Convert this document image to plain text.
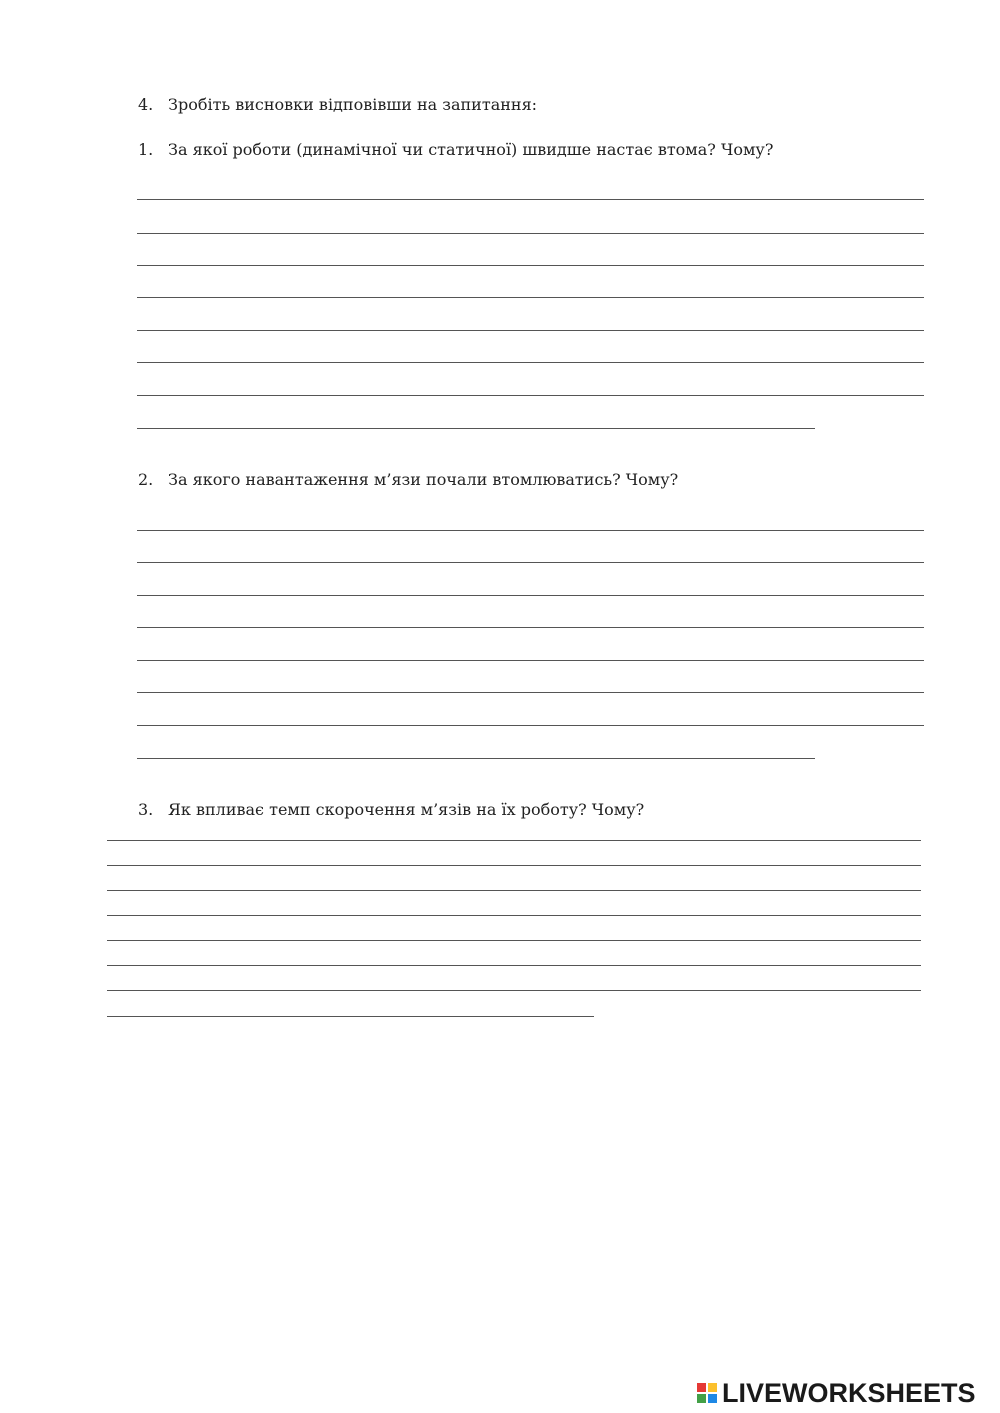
4. Зробіть висновки відповівши на запитання:
1. За якої роботи (динамічної чи статичної) швидше настає втома? Чому?
2. За якого навантаження м’язи почали втомлюватись? Чому?
3. Як впливає темп скорочення м’язів на їх роботу? Чому?
LIVEWORKSHEETS
